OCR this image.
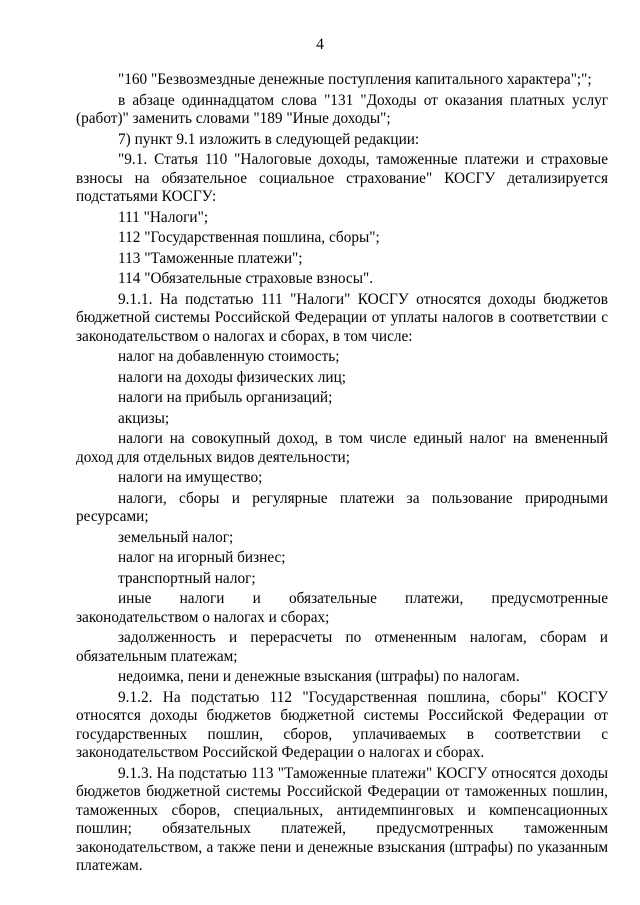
4

"160 "Безвозмездные денежные поступления капитального характера";";

в абзаце одиннадцатом слова "131 "Доходы от оказания платных услуг (работ)" заменить словами "189 "Иные доходы";

7) пункт 9.1 изложить в следующей редакции:

"9.1. Статья 110 "Налоговые доходы, таможенные платежи и страховые взносы на обязательное социальное страхование" КОСГУ детализируется подстатьями КОСГУ:

111 "Налоги";

112 "Государственная пошлина, сборы";

113 "Таможенные платежи";

114 "Обязательные страховые взносы".

9.1.1. На подстатью 111 "Налоги" КОСГУ относятся доходы бюджетов бюджетной системы Российской Федерации от уплаты налогов в соответствии с законодательством о налогах и сборах, в том числе:

налог на добавленную стоимость;

налоги на доходы физических лиц;

налоги на прибыль организаций;

акцизы;

налоги на совокупный доход, в том числе единый налог на вмененный доход для отдельных видов деятельности;

налоги на имущество;

налоги, сборы и регулярные платежи за пользование природными ресурсами;

земельный налог;

налог на игорный бизнес;

транспортный налог;

иные налоги и обязательные платежи, предусмотренные законодательством о налогах и сборах;

задолженность и перерасчеты по отмененным налогам, сборам и обязательным платежам;

недоимка, пени и денежные взыскания (штрафы) по налогам.

9.1.2. На подстатью 112 "Государственная пошлина, сборы" КОСГУ относятся доходы бюджетов бюджетной системы Российской Федерации от государственных пошлин, сборов, уплачиваемых в соответствии с законодательством Российской Федерации о налогах и сборах.

9.1.3. На подстатью 113 "Таможенные платежи" КОСГУ относятся доходы бюджетов бюджетной системы Российской Федерации от таможенных пошлин, таможенных сборов, специальных, антидемпинговых и компенсационных пошлин; обязательных платежей, предусмотренных таможенным законодательством, а также пени и денежные взыскания (штрафы) по указанным платежам.
